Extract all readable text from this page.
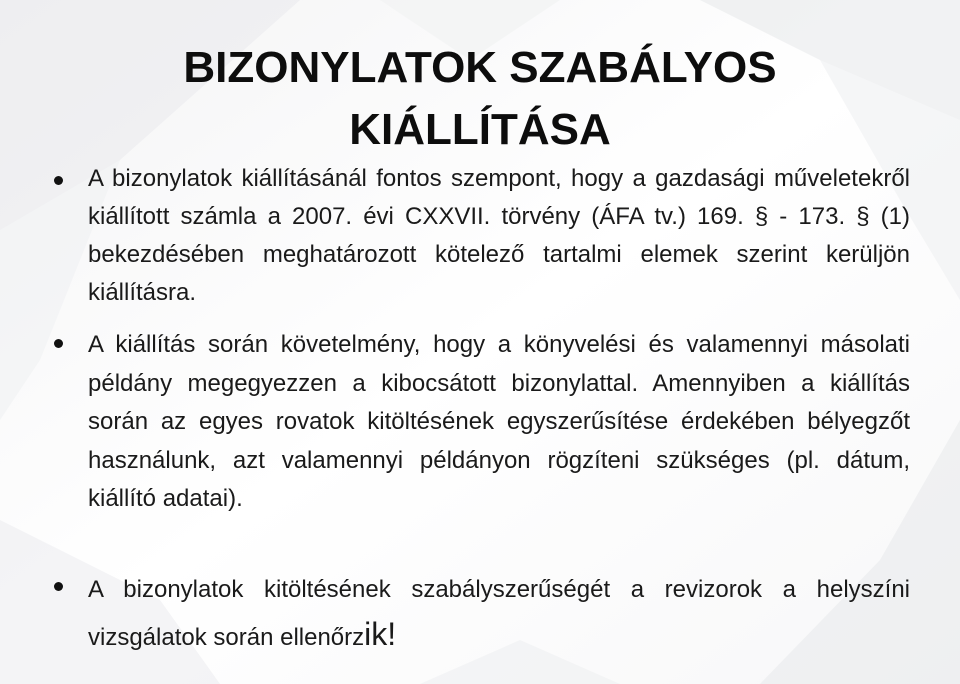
BIZONYLATOK SZABÁLYOS
KIÁLLÍTÁSA
A bizonylatok kiállításánál fontos szempont, hogy a gazdasági műveletekről kiállított számla a 2007. évi CXXVII. törvény (ÁFA tv.) 169. § - 173. § (1) bekezdésében meghatározott kötelező tartalmi elemek szerint kerüljön kiállításra.
A kiállítás során követelmény, hogy a könyvelési és valamennyi másolati példány megegyezzen a kibocsátott bizonylattal. Amennyiben a kiállítás során az egyes rovatok kitöltésének egyszerűsítése érdekében bélyegzőt használunk, azt valamennyi példányon rögzíteni szükséges (pl. dátum, kiállító adatai).
A bizonylatok kitöltésének szabályszerűségét a revizorok a helyszíni vizsgálatok során ellenőrzik!
